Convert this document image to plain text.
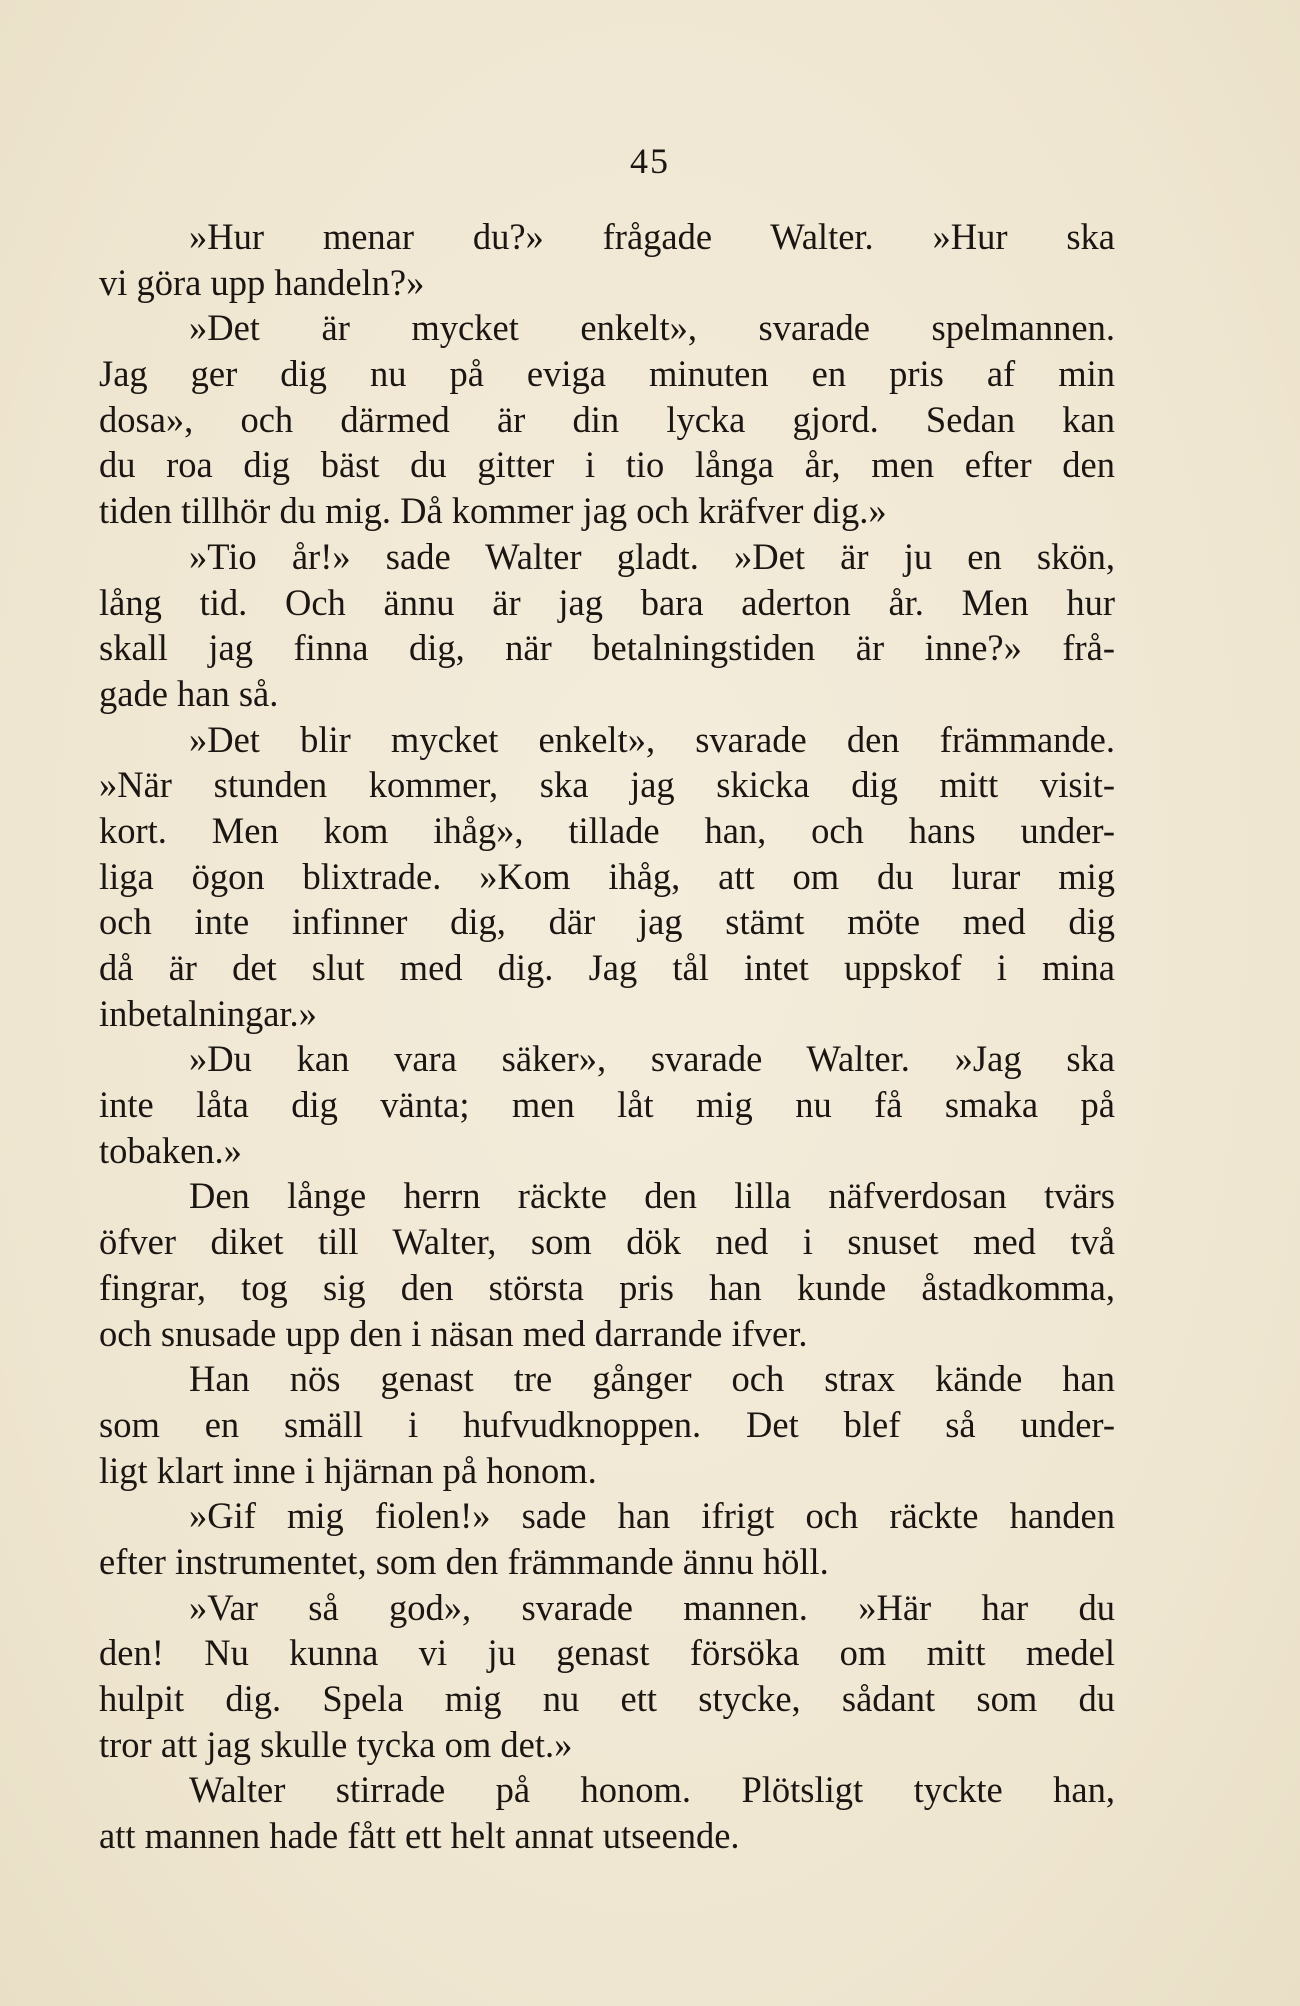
45
»Hur menar du?» frågade Walter. »Hur ska
vi göra upp handeln?»
»Det är mycket enkelt», svarade spelmannen.
Jag ger dig nu på eviga minuten en pris af min
dosa», och därmed är din lycka gjord. Sedan kan
du roa dig bäst du gitter i tio långa år, men efter den
tiden tillhör du mig. Då kommer jag och kräfver dig.»
»Tio år!» sade Walter gladt. »Det är ju en skön,
lång tid. Och ännu är jag bara aderton år. Men hur
skall jag finna dig, när betalningstiden är inne?» frå-
gade han så.
»Det blir mycket enkelt», svarade den främmande.
»När stunden kommer, ska jag skicka dig mitt visit-
kort. Men kom ihåg», tillade han, och hans under-
liga ögon blixtrade. »Kom ihåg, att om du lurar mig
och inte infinner dig, där jag stämt möte med dig
då är det slut med dig. Jag tål intet uppskof i mina
inbetalningar.»
»Du kan vara säker», svarade Walter. »Jag ska
inte låta dig vänta; men låt mig nu få smaka på
tobaken.»
Den långe herrn räckte den lilla näfverdosan tvärs
öfver diket till Walter, som dök ned i snuset med två
fingrar, tog sig den största pris han kunde åstadkomma,
och snusade upp den i näsan med darrande ifver.
Han nös genast tre gånger och strax kände han
som en smäll i hufvudknoppen. Det blef så under-
ligt klart inne i hjärnan på honom.
»Gif mig fiolen!» sade han ifrigt och räckte handen
efter instrumentet, som den främmande ännu höll.
»Var så god», svarade mannen. »Här har du
den! Nu kunna vi ju genast försöka om mitt medel
hulpit dig. Spela mig nu ett stycke, sådant som du
tror att jag skulle tycka om det.»
Walter stirrade på honom. Plötsligt tyckte han,
att mannen hade fått ett helt annat utseende.
